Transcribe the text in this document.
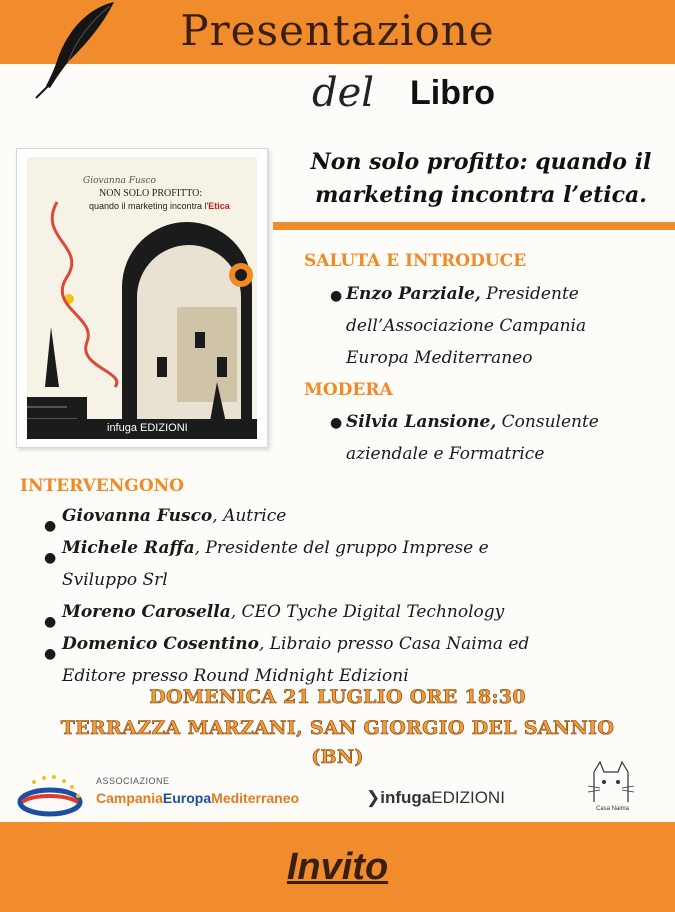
Presentazione
del Libro
Giovanna Fusco
NON SOLO PROFITTO:
quando il marketing incontra l'Etica
infuga EDIZIONI
Non solo profitto: quando il
marketing incontra l’etica.
SALUTA E INTRODUCE
● Enzo Parziale, Presidente
dell’Associazione Campania
Europa Mediterraneo
MODERA
● Silvia Lansione, Consulente
aziendale e Formatrice
INTERVENGONO
● Giovanna Fusco, Autrice
● Michele Raffa, Presidente del gruppo Imprese e
Sviluppo Srl
● Moreno Carosella, CEO Tyche Digital Technology
● Domenico Cosentino, Libraio presso Casa Naima ed
Editore presso Round Midnight Edizioni
DOMENICA 21 LUGLIO ORE 18:30
TERRAZZA MARZANI, SAN GIORGIO DEL SANNIO
(BN)
ASSOCIAZIONE
CampaniaEuropaMediterraneo	❯infugaEDIZIONI
Casa Naima
Invito
